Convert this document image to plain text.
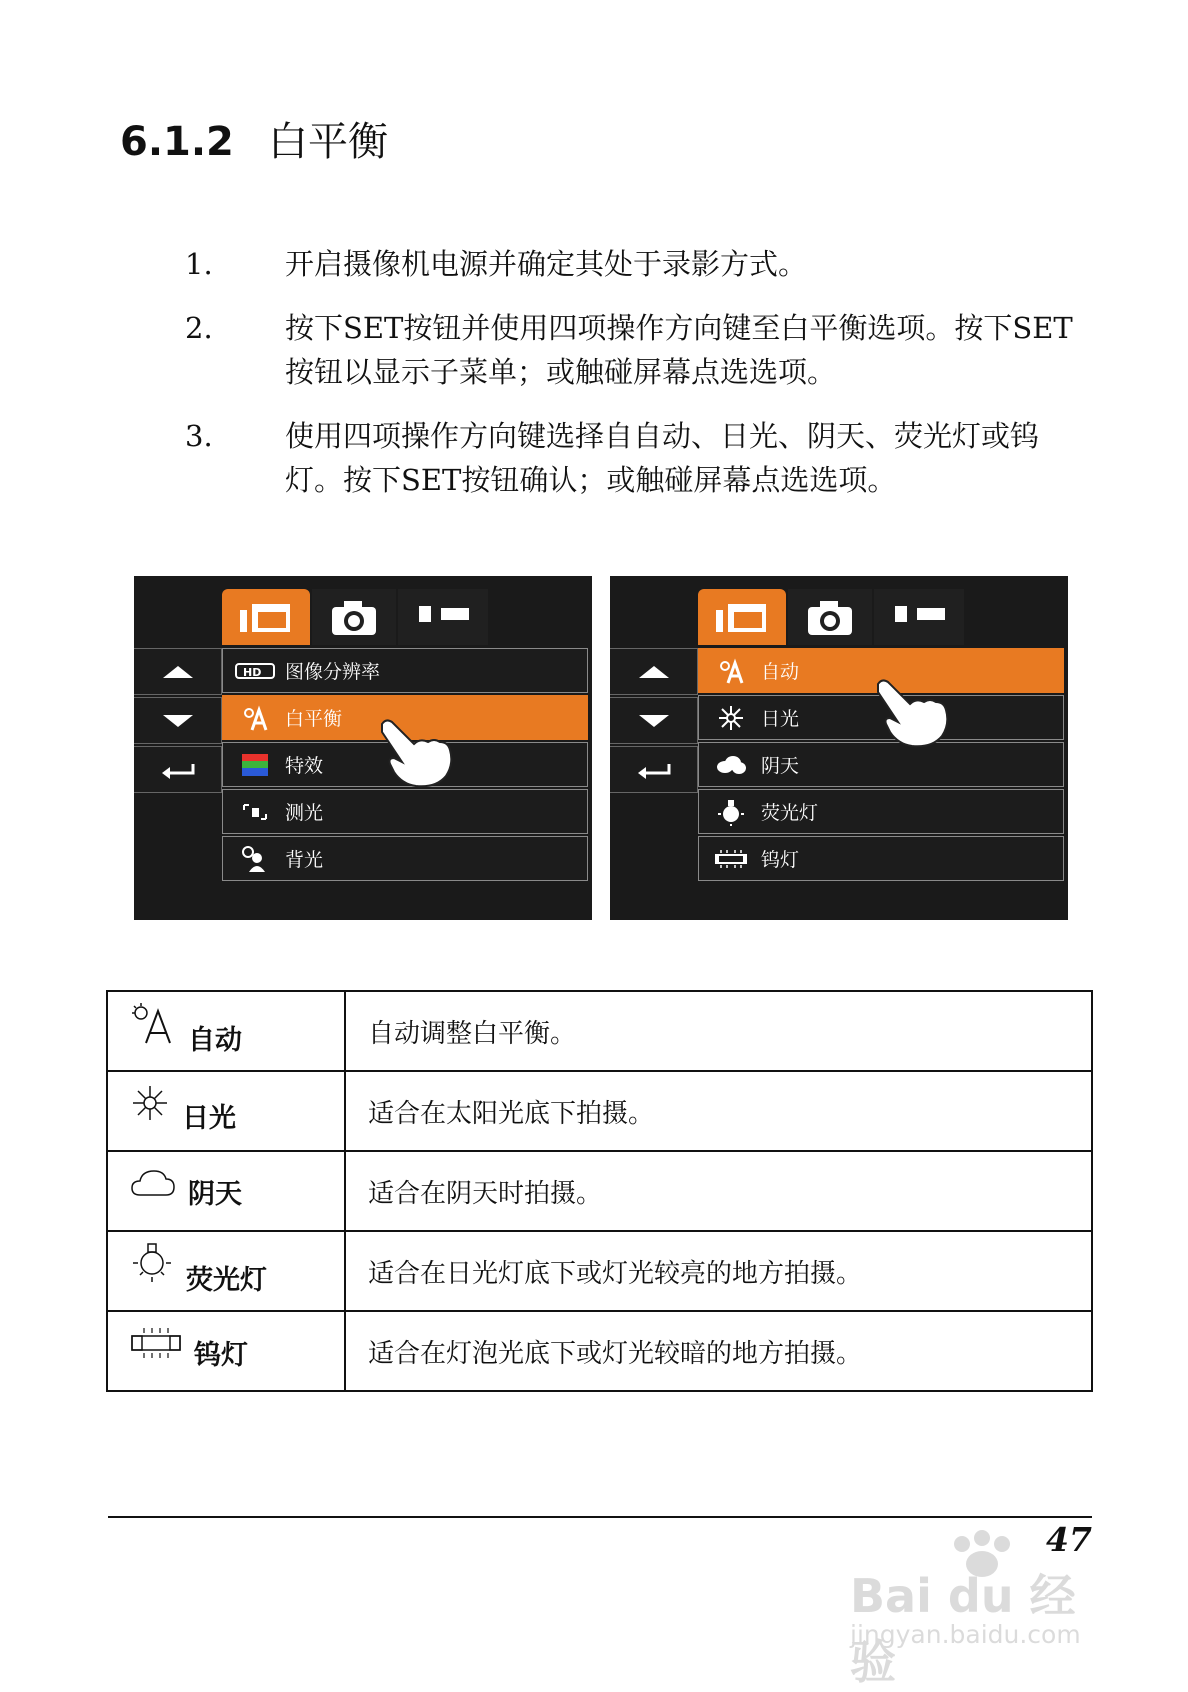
6.1.2 白平衡
1. 开启摄像机电源并确定其处于录影方式。
2. 按下SET按钮并使用四项操作方向键至白平衡选项。按下SET按钮以显示子菜单；或触碰屏幕点选选项。
3. 使用四项操作方向键选择自自动、日光、阴天、荧光灯或钨灯。按下SET按钮确认；或触碰屏幕点选选项。
HD 图像分辨率
白平衡
特效
测光
背光
自动
日光
阴天
荧光灯
钨灯
自动	自动调整白平衡。

日光	适合在太阳光底下拍摄。

阴天	适合在阴天时拍摄。

荧光灯	适合在日光灯底下或灯光较亮的地方拍摄。

钨灯	适合在灯泡光底下或灯光较暗的地方拍摄。
47
Bai du 经验
jingyan.baidu.com
